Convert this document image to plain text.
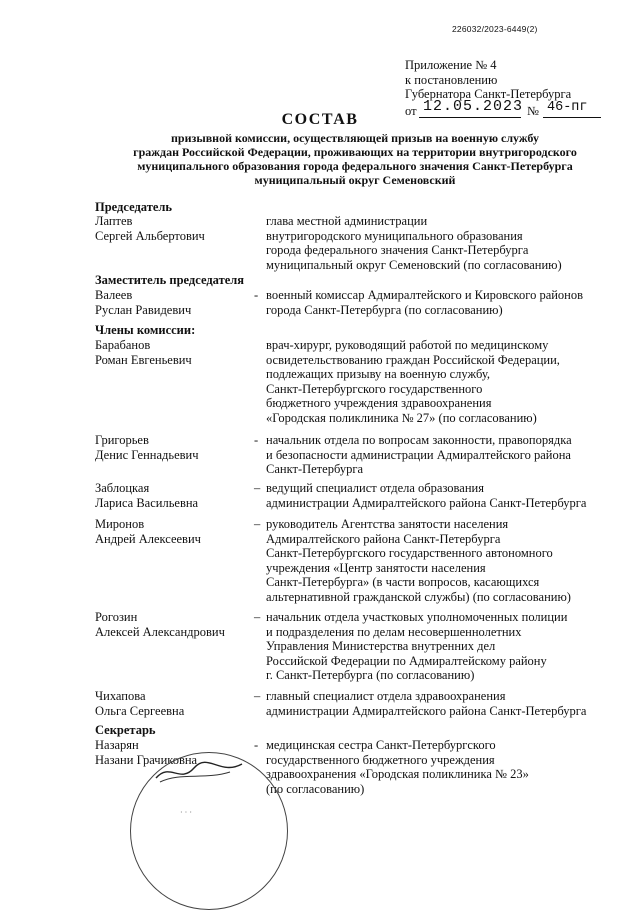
226032/2023-6449(2)
Приложение № 4
к постановлению
Губернатора Санкт-Петербурга
от 12.05.2023 № 46-пг
СОСТАВ
призывной комиссии, осуществляющей призыв на военную службу
граждан Российской Федерации, проживающих на территории внутригородского
муниципального образования города федерального значения Санкт-Петербурга
муниципальный округ Семеновский
Председатель
Лаптев
Сергей Альбертович
глава местной администрации
внутригородского муниципального образования
города федерального значения Санкт-Петербурга
муниципальный округ Семеновский (по согласованию)
Заместитель председателя
Валеев
Руслан Равидевич
- военный комиссар Адмиралтейского и Кировского районов
города Санкт-Петербурга (по согласованию)
Члены комиссии:
Барабанов
Роман Евгеньевич
врач-хирург, руководящий работой по медицинскому
освидетельствованию граждан Российской Федерации,
подлежащих призыву на военную службу,
Санкт-Петербургского государственного
бюджетного учреждения здравоохранения
«Городская поликлиника № 27» (по согласованию)
Григорьев
Денис Геннадьевич
- начальник отдела по вопросам законности, правопорядка
и безопасности администрации Адмиралтейского района
Санкт-Петербурга
Заблоцкая
Лариса Васильевна
– ведущий специалист отдела образования
администрации Адмиралтейского района Санкт-Петербурга
Миронов
Андрей Алексеевич
– руководитель Агентства занятости населения
Адмиралтейского района Санкт-Петербурга
Санкт-Петербургского государственного автономного
учреждения «Центр занятости населения
Санкт-Петербурга» (в части вопросов, касающихся
альтернативной гражданской службы) (по согласованию)
Рогозин
Алексей Александрович
– начальник отдела участковых уполномоченных полиции
и подразделения по делам несовершеннолетних
Управления Министерства внутренних дел
Российской Федерации по Адмиралтейскому району
г. Санкт-Петербурга (по согласованию)
Чихапова
Ольга Сергеевна
– главный специалист отдела здравоохранения
администрации Адмиралтейского района Санкт-Петербурга
Секретарь
Назарян
Назани Грачиковна
- медицинская сестра Санкт-Петербургского
государственного бюджетного учреждения
здравоохранения «Городская поликлиника № 23»
(по согласованию)
· · ·
